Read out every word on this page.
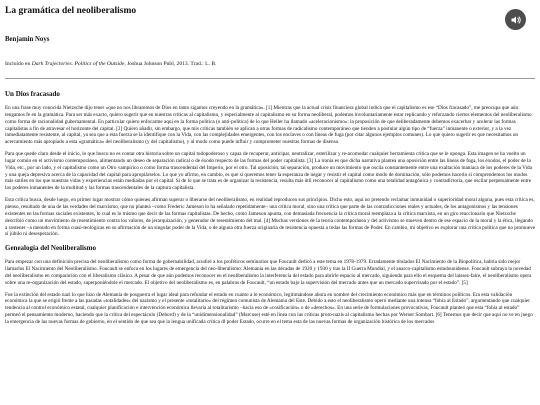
La gramática del neoliberalismo
Benjamin Noys
Incluido en Dark Trajectories. Politics of the Outside, Joshua Johnson Publ, 2013. Trad.: L. B.
Un Dios fracasado

En una frase muy conocida Nietzsche dijo tener «que no nos libraremos de Dios en tanto sigamos creyendo en la gramática». [1] Mientras que la actual crisis financiera global indica que el capitalismo es ese “Dios fracasado”, me preocupa que aún tengamos fe en la gramática. Para ser más exacto, quiero sugerir que en nuestras críticas al capitalismo, y especialmente al capitalismo en su forma neoliberal, podemos involuntariamente estar replicando y reforzando ciertos elementos del neoliberalismo como forma de racionalidad gubernamental. En particular quiero enfocarme aquí en la forma política (o anti-política) de lo que Heller ha llamado «aceleracionismo»: la proposición de que deliberadamente debemos exacerbar y acelerar las formas capitalistas a fin de atravesar el horizonte del capital. [2] Quiero añadir, sin embargo, que mis críticas también se aplican a otras formas de radicalismo contemporáneo que tienden a postular algún tipo de “fuerza” inmanente o exterior, y a la vez inmediatamente resistente, al capital, ya sea que a esta fuerza se la identifique con la Vida, con las complejidades emergentes, con los enclaves o con líneas de fuga (por citar algunos ejemplos comunes). Lo que quiero sugerir es que necesitamos un acercamiento más apropiado a esta «gramática» del neoliberalismo (y del capitalismo), y al modo como puede influir y comprometer nuestras formas de disenso.

Para que quede claro desde el inicio, lo que busco no es contar otra historia sobre un capital todopoderoso y capaz de recuperar, anticipar, neutralizar, esterilizar y re-acomodar cualquier herramienta crítica que se le oponga. Esta imagen se ha vuelto un lugar común en el activismo contemporáneo, alimentando un deseo de separación radical o de éxodo respecto de las formas del poder capitalista. [3] La ironía es que dicha narrativa plantea una oposición entre las líneas de fuga, los éxodos, el poder de la Vida, etc., por un lado, y el capitalismo como un Otro vampírico o como forma trascendental del Imperio, por el otro. Tal oposición, tal separación, produce un movimiento que oscila constantemente entre una exaltación maníaca de los poderes de la Vida y una queja depresiva acerca de la capacidad del capital para apropiárselos. Lo que yo afirmo, en cambio, es que si queremos tener la esperanza de negar y resistir el capital como modo de dominación, sólo podemos hacerlo si comprendemos los modos más sutiles en los que nuestras vidas y experiencias están mediadas por el capital. Si de lo que se trata es de organizar la resistencia, resulta más útil reconocer al capitalismo como una totalidad antagónica y contradictoria, que oscilar perpetuamente entre los poderes inmanentes de la multitud y las formas trascendentales de la captura capitalista.

Esta crítica busca, desde luego, en primer lugar mostrar cómo quienes afirman superar o liberarse del neoliberalismo, en realidad reproducen sus principios. Dicho esto, aquí no pretendo reclamar inmunidad o superioridad moral alguna, pues esta crítica es, pienso, resultado de una de las verdades del marxismo, que no planteá –como Frederic Jameson lo ha señalado repetidamente– una crítica moral, sino una crítica que parte de las contradicciones reales y actuales, de los antagonismos y las tensiones existentes en las formas sociales existentes, lo cual es lo mismo que decir de las formas capitalistas. De hecho, como Jameson apunta, con demasiada frecuencia la crítica moral reemplaza a la crítica marxista, en un giro reaccionario que Nietzsche describió como un movimiento de resentimiento contra los valores, de jerarquización, y generador de resentimiento del mal. [4] Muchas versiones de la teoría contemporánea y del activismo se mueven dentro de ese espacio de la moral y la ética, llegando a sostener –a menudo en forma cuasi-teológicas en su afirmación de un singular poder de la Vida, o de alguna otra fuerza originaria de resistencia opuesta a todas las formas de Poder. En cambio, mi objetivo es explorar una crítica política que no promueve si júbilo ni desesperación.

Genealogía del Neoliberalismo

Para empezar con una definición precisa del neoliberalismo como forma de gobernabilidad, acudiré a los proféticos seminarios que Foucault dedicó a este tema en 1978-1979. Erradamente titulados El Nacimiento de la Biopolítica, habría sido mejor llamarlos El Nacimiento del Neoliberalismo. Foucault se enfoca en los lugares de emergencia del neo-liberalismo: Alemania en las décadas de 1920 y 1930 y tras la II Guerra Mundial, y el anarco-capitalismo estadounidense. Foucault subraya la novedad del neoliberalismo en comparación con el liberalismo clásico. A pesar de que aún podemos reconocer en el neoliberalismo la interferencia del estado para abrirle espacio al mercado, siguiendo para ello el esquema del laissez-faire, el neoliberalismo opera sobre una re-organización del estado, superponiéndole el mercado. El objetivo del neoliberalismo es, en palabras de Foucault, “un estado bajo la supervisión del mercado antes que un mercado supervisado por el estado”. [5]

Fue la extinción del estado nazi lo que hizo de Alemania de posguerra el lugar ideal para refundar el estado en cuanto a lo económico, legitimándose ahora en nombre del crecimiento económico más que en términos políticos. Era esta validación económica la que se erigió frente a las pasadas «totalidades» del nazismo y el presente «totalitario» del régimen comunista de Alemania del Este. Debido a esto el neoliberalismo operó mediante una intensa “fobia al Estado”, argumentando que cualquier tendencia al control económico estatal, cualquier planificación e intervención económica llevaría al totalitarismo –hacia eso de «cosificación» o de «derechos». En una serie de formulaciones provocativas, Foucault planteó que esta “fobia al estado” permeó el pensamiento moderno, haciendo que la crítica del espectáculo (Debord) y de la “unidimensionalidad” (Marcuse) esté en línea con las críticas proto-nazis al capitalismo hechas por Werner Sombart. [6] Tenemos que decir que aquí no ve en juego la emergencia de las nuevas formas de gobierno, en el sentido de que sea que la lengua unificada crítica dl poder Estado, ocurre en el tema esta de las nuevas formas de organización histórica de los mercados
